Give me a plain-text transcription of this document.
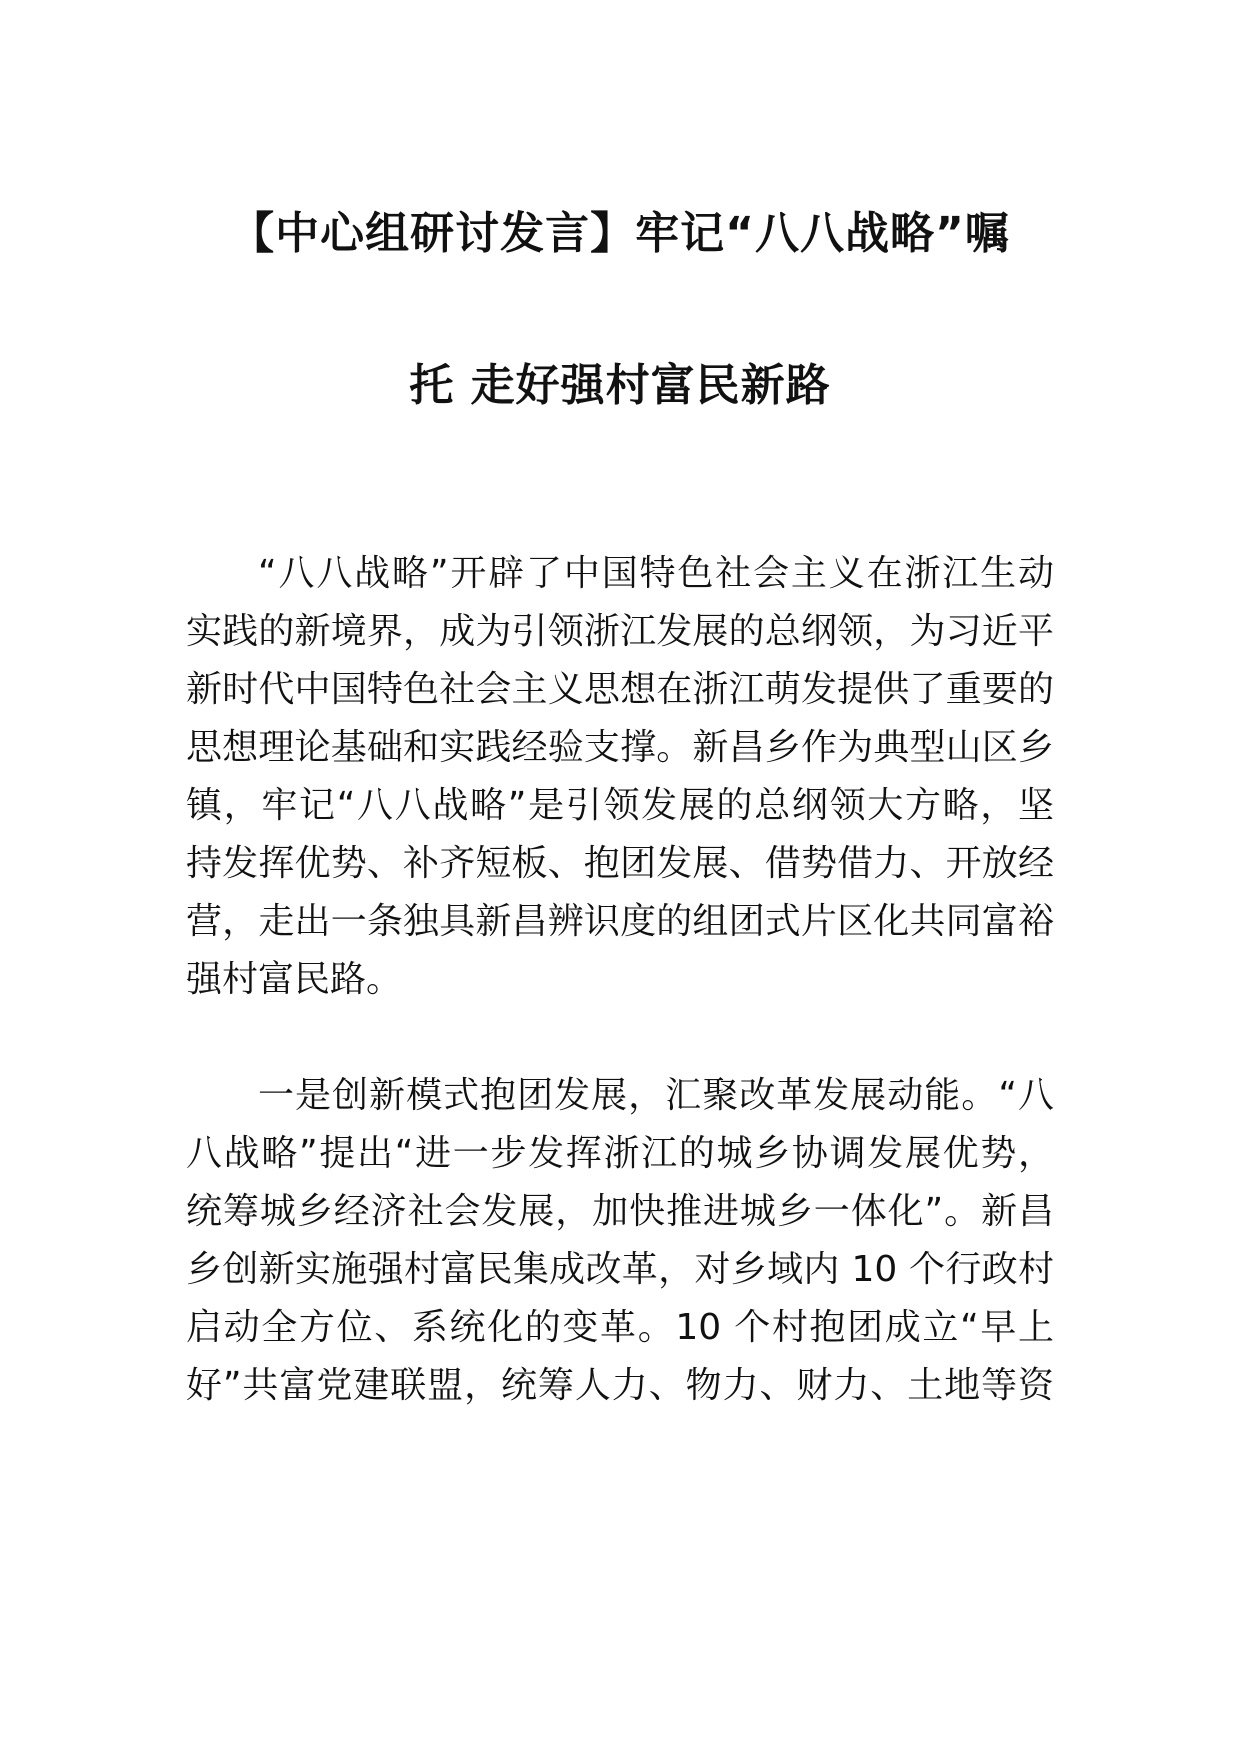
【中心组研讨发言】牢记“八八战略”嘱
托 走好强村富民新路
“八八战略”开辟了中国特色社会主义在浙江生动
实践的新境界，成为引领浙江发展的总纲领，为习近平
新时代中国特色社会主义思想在浙江萌发提供了重要的
思想理论基础和实践经验支撑。新昌乡作为典型山区乡
镇，牢记“八八战略”是引领发展的总纲领大方略，坚
持发挥优势、补齐短板、抱团发展、借势借力、开放经
营，走出一条独具新昌辨识度的组团式片区化共同富裕
强村富民路。
一是创新模式抱团发展，汇聚改革发展动能。“八
八战略”提出“进一步发挥浙江的城乡协调发展优势，
统筹城乡经济社会发展，加快推进城乡一体化”。新昌
乡创新实施强村富民集成改革，对乡域内 10 个行政村
启动全方位、系统化的变革。10 个村抱团成立“早上
好”共富党建联盟，统筹人力、物力、财力、土地等资
